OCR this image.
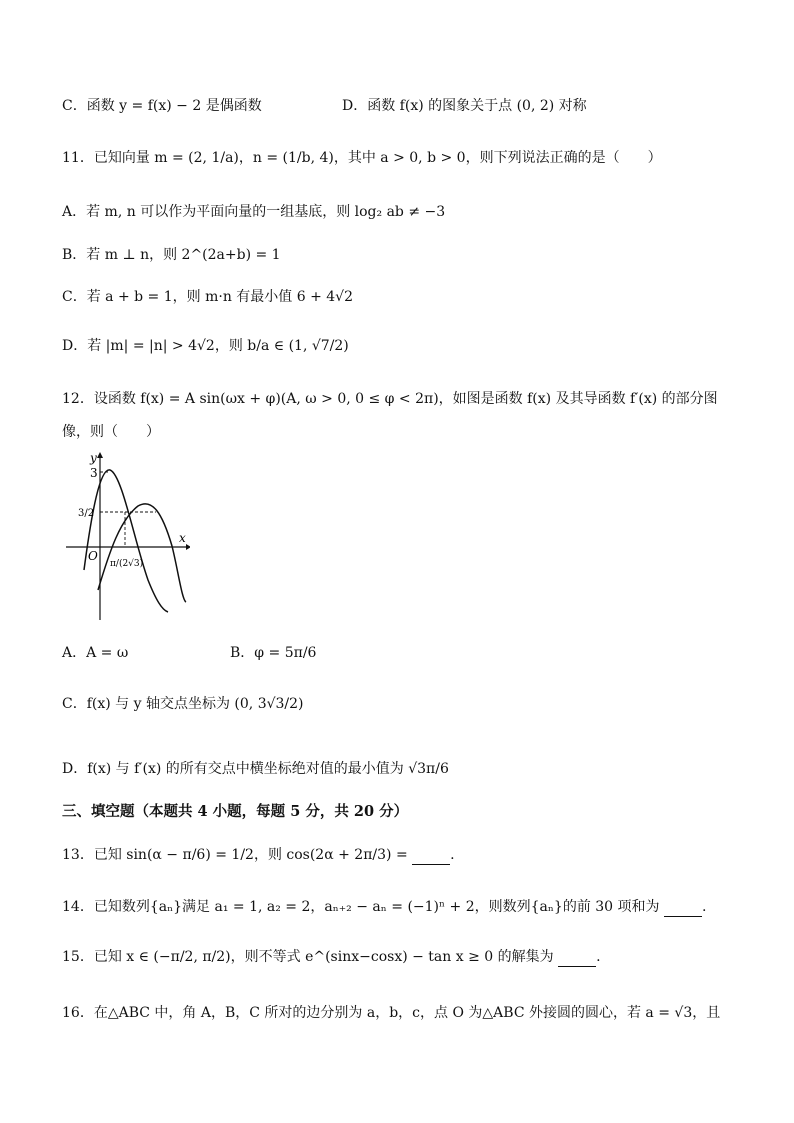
C．函数 y = f(x) − 2 是偶函数	D．函数 f(x) 的图象关于点 (0, 2) 对称
11．已知向量 m = (2, 1/a)，n = (1/b, 4)，其中 a > 0, b > 0，则下列说法正确的是（　　）
A．若 m, n 可以作为平面向量的一组基底，则 log₂ ab ≠ −3
B．若 m ⊥ n，则 2^(2a+b) = 1
C．若 a + b = 1，则 m·n 有最小值 6 + 4√2
D．若 |m| = |n| > 4√2，则 b/a ∈ (1, √7/2)
12．设函数 f(x) = A sin(ωx + φ)(A, ω > 0, 0 ≤ φ < 2π)，如图是函数 f(x) 及其导函数 f′(x) 的部分图
像，则（　　）
y
x
O
3
3/2
π/(2√3)
A．A = ω	B．φ = 5π/6
C．f(x) 与 y 轴交点坐标为 (0, 3√3/2)
D．f(x) 与 f′(x) 的所有交点中横坐标绝对值的最小值为 √3π/6
三、填空题（本题共 4 小题，每题 5 分，共 20 分）
13．已知 sin(α − π/6) = 1/2，则 cos(2α + 2π/3) =	.
14．已知数列{aₙ}满足 a₁ = 1, a₂ = 2，aₙ₊₂ − aₙ = (−1)ⁿ + 2，则数列{aₙ}的前 30 项和为	.
15．已知 x ∈ (−π/2, π/2)，则不等式 e^(sinx−cosx) − tan x ≥ 0 的解集为	.
16．在△ABC 中，角 A，B，C 所对的边分别为 a，b，c，点 O 为△ABC 外接圆的圆心，若 a = √3，且
